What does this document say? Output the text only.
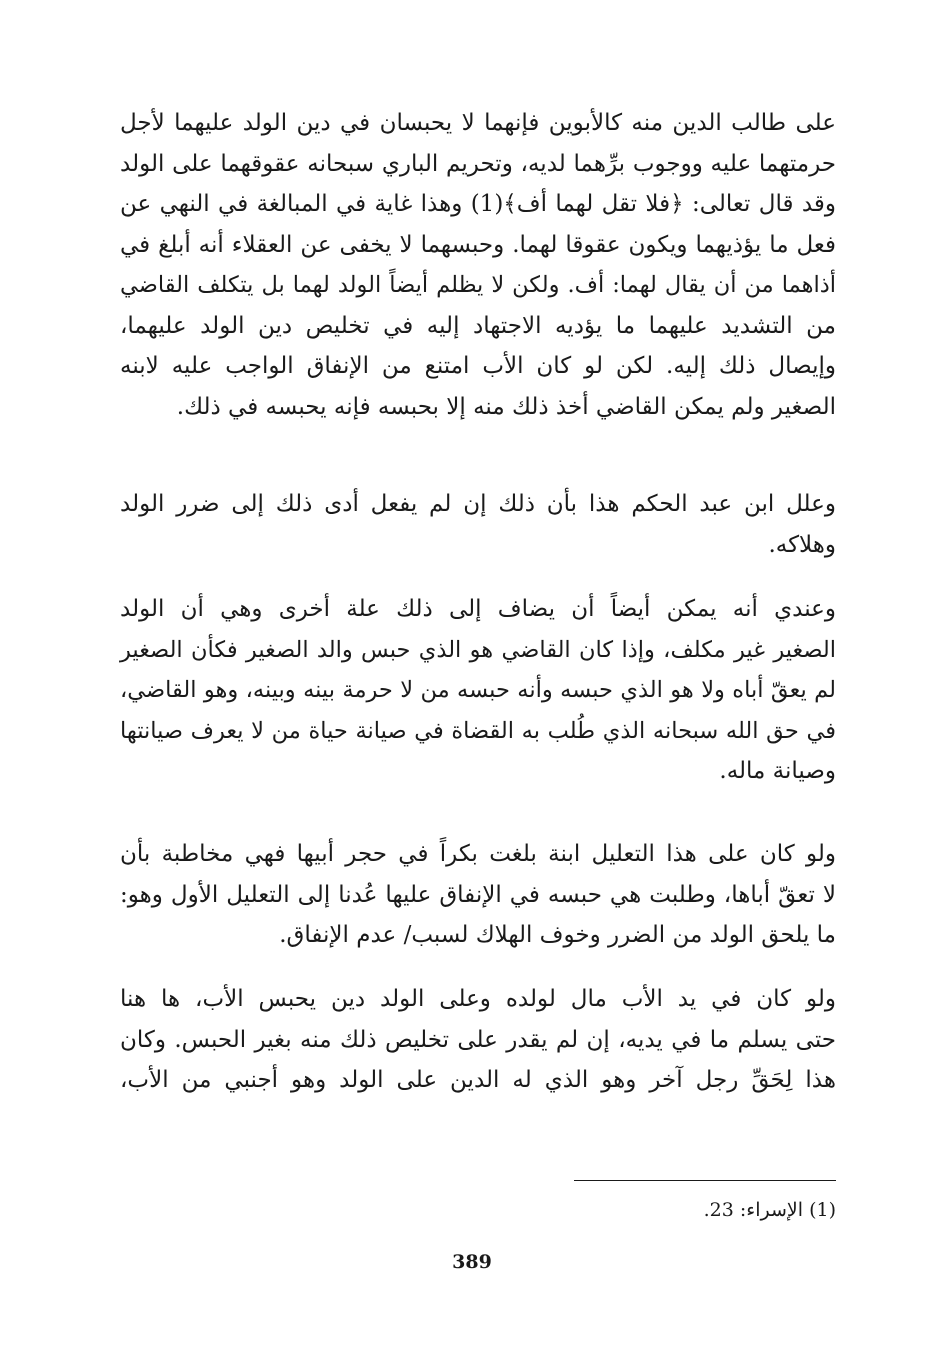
على طالب الدين منه كالأبوين فإنهما لا يحبسان في دين الولد عليهما لأجل
حرمتهما عليه ووجوب برِّهما لديه، وتحريم الباري سبحانه عقوقهما على الولد
وقد قال تعالى: ﴿فلا تقل لهما أف﴾(1) وهذا غاية في المبالغة في النهي عن
فعل ما يؤذيهما ويكون عقوقا لهما. وحبسهما لا يخفى عن العقلاء أنه أبلغ في
أذاهما من أن يقال لهما: أف. ولكن لا يظلم أيضاً الولد لهما بل يتكلف القاضي
من التشديد عليهما ما يؤديه الاجتهاد إليه في تخليص دين الولد عليهما،
وإيصال ذلك إليه. لكن لو كان الأب امتنع من الإنفاق الواجب عليه لابنه
الصغير ولم يمكن القاضي أخذ ذلك منه إلا بحبسه فإنه يحبسه في ذلك.

وعلل ابن عبد الحكم هذا بأن ذلك إن لم يفعل أدى ذلك إلى ضرر الولد
وهلاكه.

وعندي أنه يمكن أيضاً أن يضاف إلى ذلك علة أخرى وهي أن الولد
الصغير غير مكلف، وإذا كان القاضي هو الذي حبس والد الصغير فكأن الصغير
لم يعقّ أباه ولا هو الذي حبسه وأنه حبسه من لا حرمة بينه وبينه، وهو القاضي،
في حق الله سبحانه الذي طُلب به القضاة في صيانة حياة من لا يعرف صيانتها
وصيانة ماله.

ولو كان على هذا التعليل ابنة بلغت بكراً في حجر أبيها فهي مخاطبة بأن
لا تعقّ أباها، وطلبت هي حبسه في الإنفاق عليها عُدنا إلى التعليل الأول وهو:
ما يلحق الولد من الضرر وخوف الهلاك لسبب/ عدم الإنفاق.

ولو كان في يد الأب مال لولده وعلى الولد دين يحبس الأب، ها هنا
حتى يسلم ما في يديه، إن لم يقدر على تخليص ذلك منه بغير الحبس. وكان
هذا لِحَقِّ رجل آخر وهو الذي له الدين على الولد وهو أجنبي من الأب،

(1) الإسراء: 23.
389
